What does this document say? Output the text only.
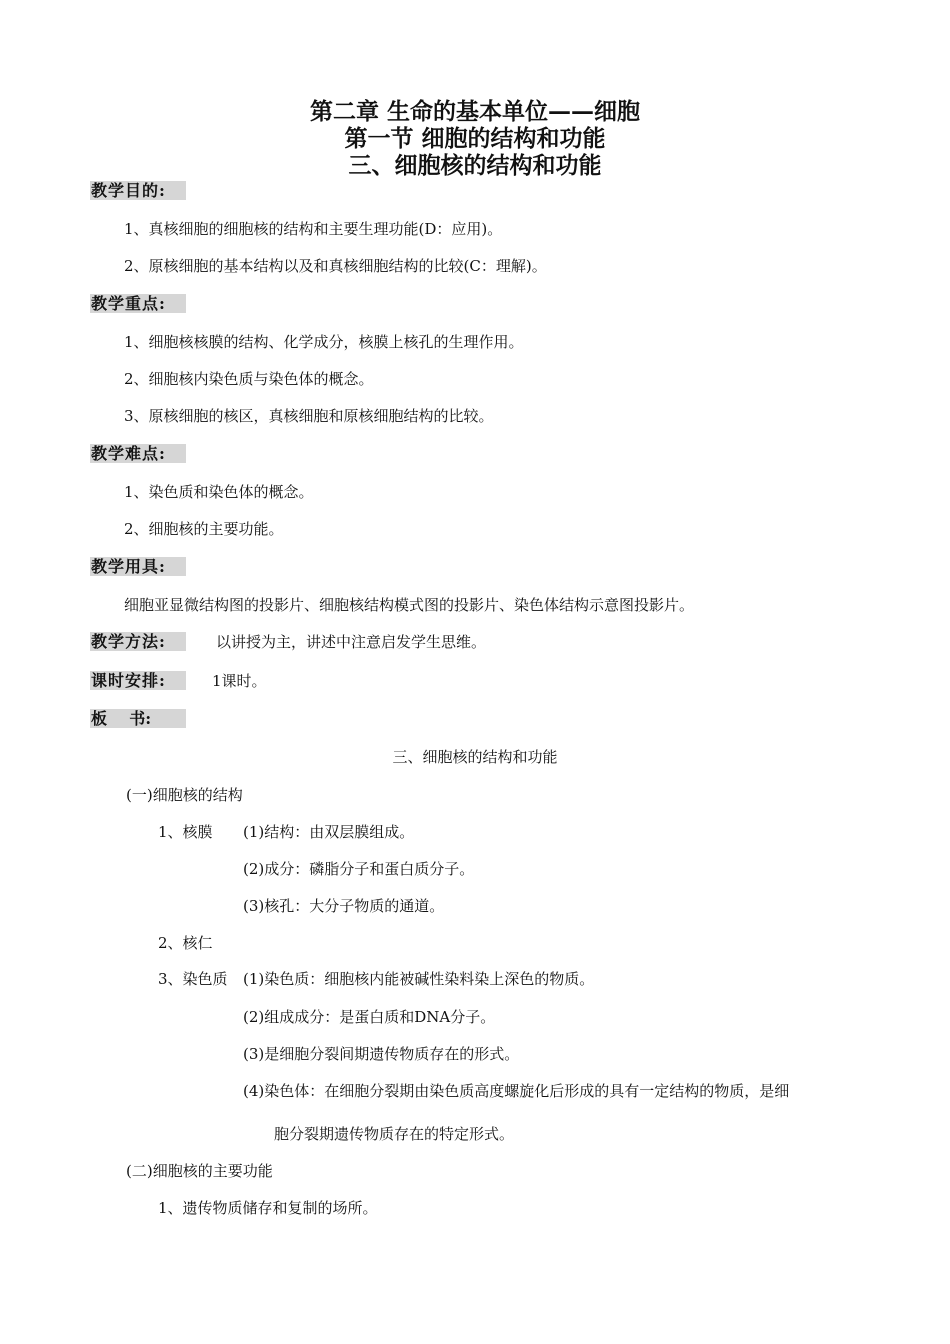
第二章 生命的基本单位——细胞
第一节 细胞的结构和功能
三、细胞核的结构和功能
教学目的:
1、真核细胞的细胞核的结构和主要生理功能(D：应用)。
2、原核细胞的基本结构以及和真核细胞结构的比较(C：理解)。
教学重点:
1、细胞核核膜的结构、化学成分，核膜上核孔的生理作用。
2、细胞核内染色质与染色体的概念。
3、原核细胞的核区，真核细胞和原核细胞结构的比较。
教学难点:
1、染色质和染色体的概念。
2、细胞核的主要功能。
教学用具:
细胞亚显微结构图的投影片、细胞核结构模式图的投影片、染色体结构示意图投影片。
教学方法:	以讲授为主，讲述中注意启发学生思维。
课时安排:	1课时。
板    书:
三、细胞核的结构和功能
(一)细胞核的结构
1、核膜 (1)结构：由双层膜组成。
(2)成分：磷脂分子和蛋白质分子。
(3)核孔：大分子物质的通道。
2、核仁
3、染色质 (1)染色质：细胞核内能被碱性染料染上深色的物质。
(2)组成成分：是蛋白质和DNA分子。
(3)是细胞分裂间期遗传物质存在的形式。
(4)染色体：在细胞分裂期由染色质高度螺旋化后形成的具有一定结构的物质，是细
胞分裂期遗传物质存在的特定形式。
(二)细胞核的主要功能
1、遗传物质储存和复制的场所。
